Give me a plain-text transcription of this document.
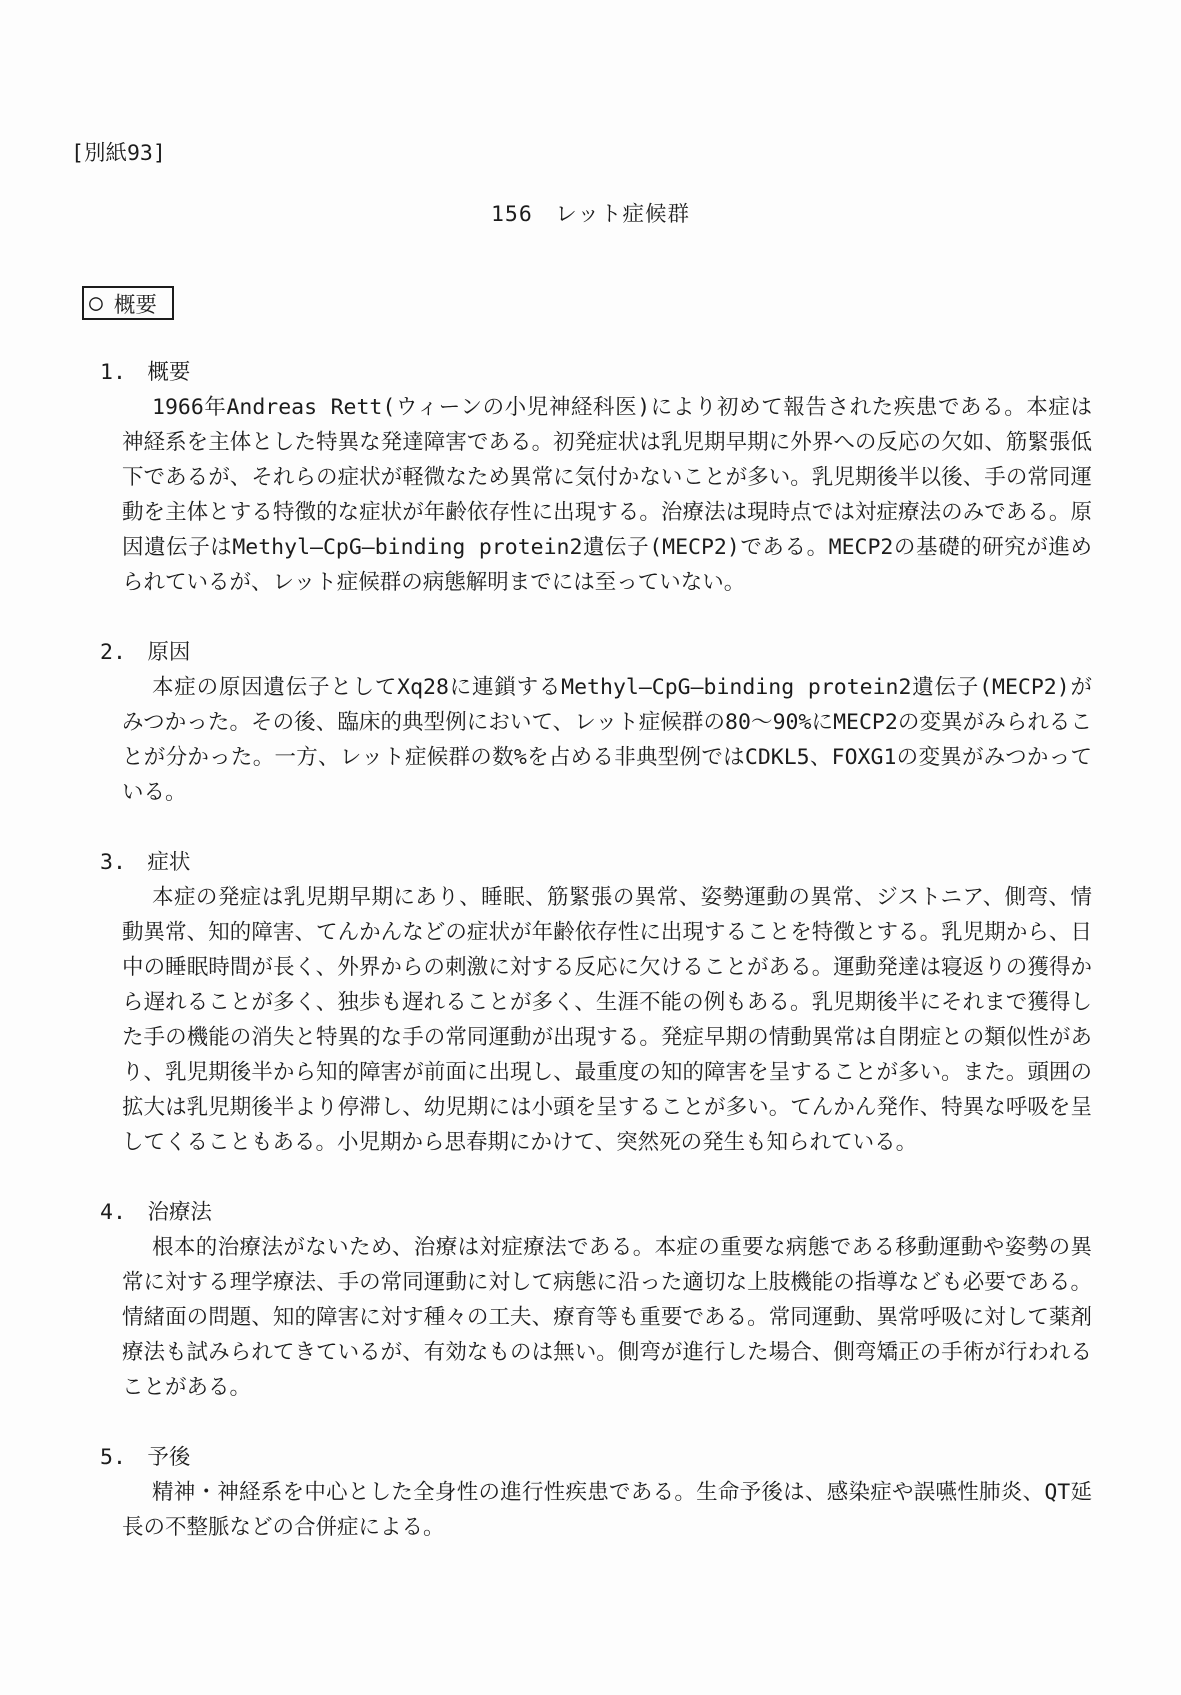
[別紙93]
156　レット症候群
○ 概要
1.　概要

1966年Andreas Rett(ウィーンの小児神経科医)により初めて報告された疾患である。本症は神経系を主体とした特異な発達障害である。初発症状は乳児期早期に外界への反応の欠如、筋緊張低下であるが、それらの症状が軽微なため異常に気付かないことが多い。乳児期後半以後、手の常同運動を主体とする特徴的な症状が年齢依存性に出現する。治療法は現時点では対症療法のみである。原因遺伝子はMethyl—CpG—binding protein2遺伝子(MECP2)である。MECP2の基礎的研究が進められているが、レット症候群の病態解明までには至っていない。

2.　原因

本症の原因遺伝子としてXq28に連鎖するMethyl—CpG—binding protein2遺伝子(MECP2)がみつかった。その後、臨床的典型例において、レット症候群の80〜90%にMECP2の変異がみられることが分かった。一方、レット症候群の数%を占める非典型例ではCDKL5、FOXG1の変異がみつかっている。

3.　症状

本症の発症は乳児期早期にあり、睡眠、筋緊張の異常、姿勢運動の異常、ジストニア、側弯、情動異常、知的障害、てんかんなどの症状が年齢依存性に出現することを特徴とする。乳児期から、日中の睡眠時間が長く、外界からの刺激に対する反応に欠けることがある。運動発達は寝返りの獲得から遅れることが多く、独歩も遅れることが多く、生涯不能の例もある。乳児期後半にそれまで獲得した手の機能の消失と特異的な手の常同運動が出現する。発症早期の情動異常は自閉症との類似性があり、乳児期後半から知的障害が前面に出現し、最重度の知的障害を呈することが多い。また。頭囲の拡大は乳児期後半より停滞し、幼児期には小頭を呈することが多い。てんかん発作、特異な呼吸を呈してくることもある。小児期から思春期にかけて、突然死の発生も知られている。

4.　治療法

根本的治療法がないため、治療は対症療法である。本症の重要な病態である移動運動や姿勢の異常に対する理学療法、手の常同運動に対して病態に沿った適切な上肢機能の指導なども必要である。情緒面の問題、知的障害に対す種々の工夫、療育等も重要である。常同運動、異常呼吸に対して薬剤療法も試みられてきているが、有効なものは無い。側弯が進行した場合、側弯矯正の手術が行われることがある。

5.　予後

精神・神経系を中心とした全身性の進行性疾患である。生命予後は、感染症や誤嚥性肺炎、QT延長の不整脈などの合併症による。
